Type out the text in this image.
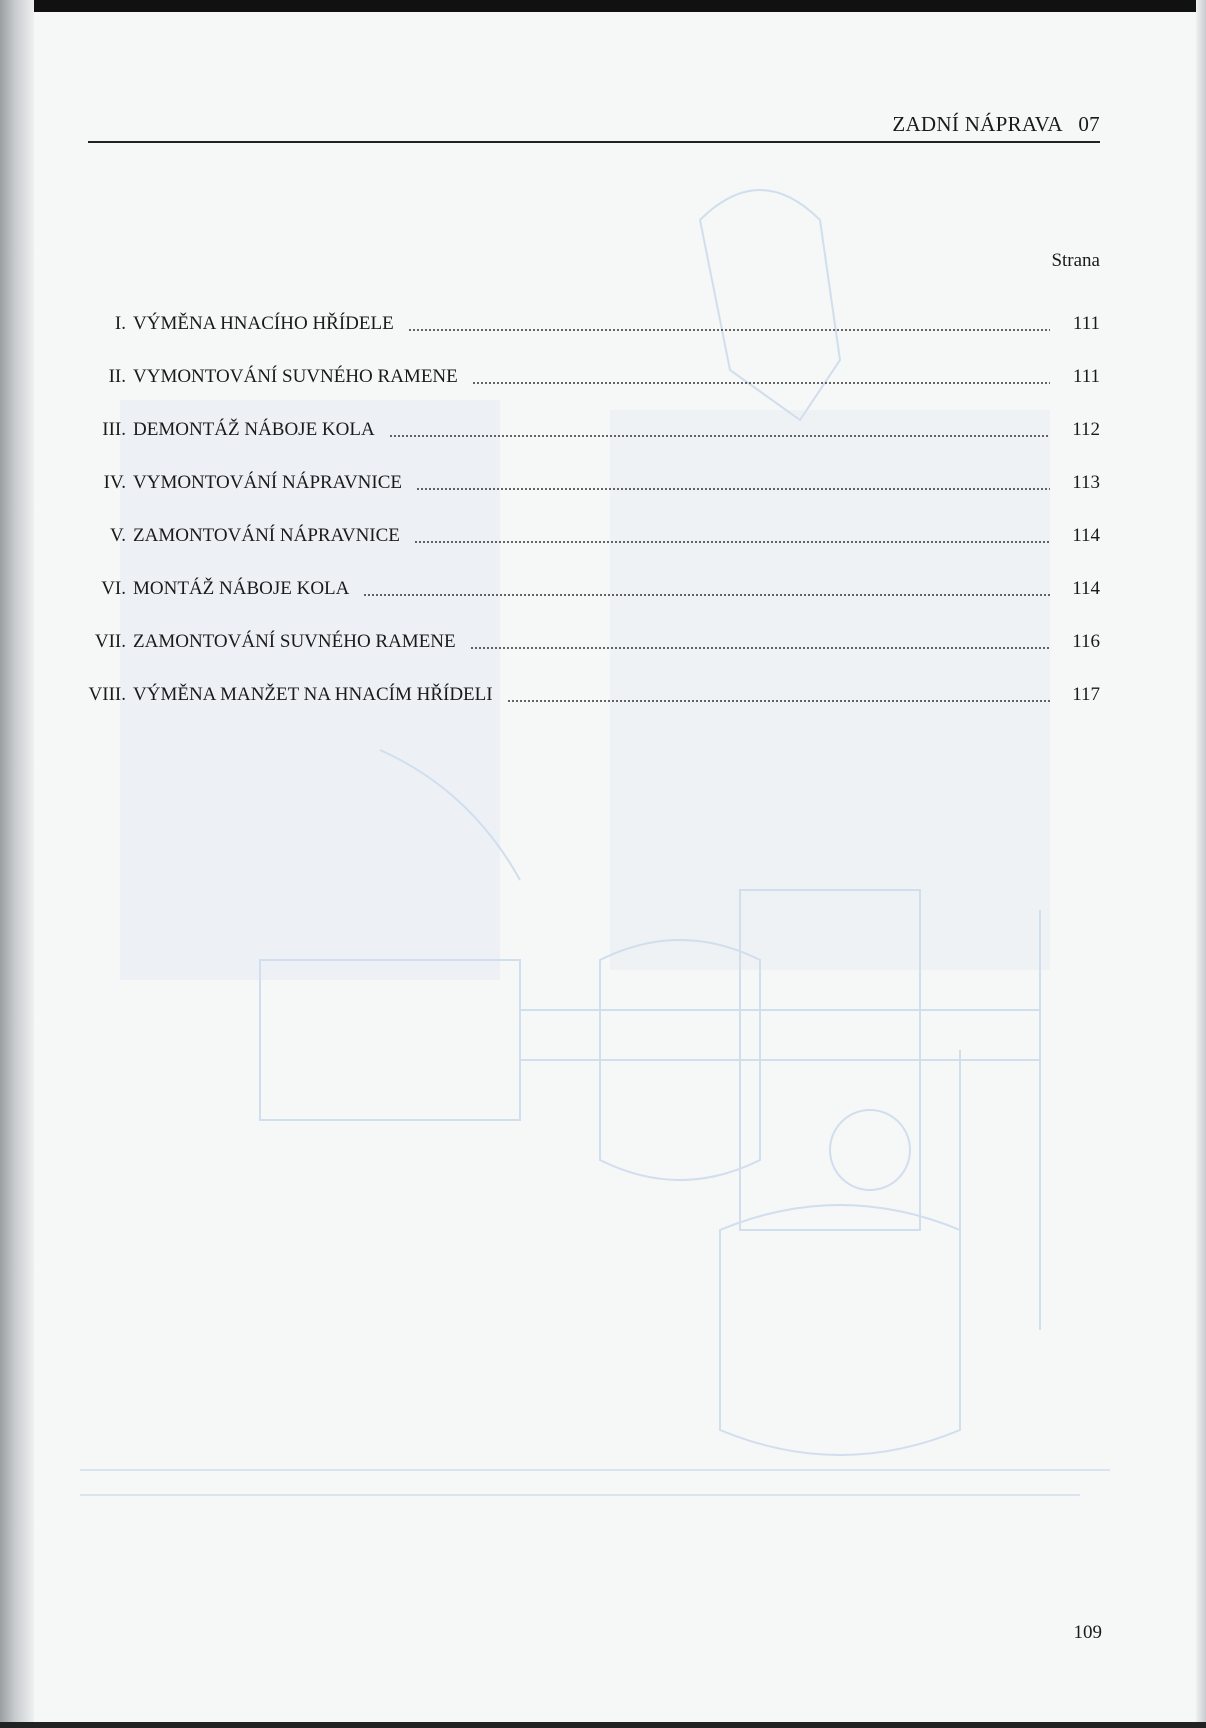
ZADNÍ NÁPRAVA   07
Strana
I. VÝMĚNA HNACÍHO HŘÍDELE	111
II. VYMONTOVÁNÍ SUVNÉHO RAMENE	111
III. DEMONTÁŽ NÁBOJE KOLA	112
IV. VYMONTOVÁNÍ NÁPRAVNICE	113
V. ZAMONTOVÁNÍ NÁPRAVNICE	114
VI. MONTÁŽ NÁBOJE KOLA	114
VII. ZAMONTOVÁNÍ SUVNÉHO RAMENE	116
VIII. VÝMĚNA MANŽET NA HNACÍM HŘÍDELI	117
109
